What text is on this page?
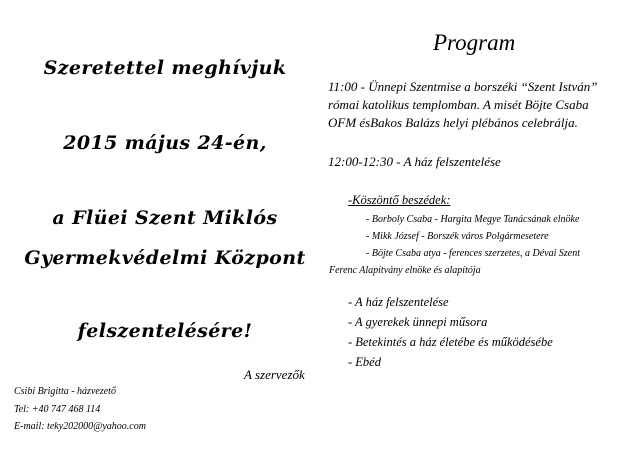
Szeretettel meghívjuk
2015 május 24-én,
a Flüei Szent Miklós
Gyermekvédelmi Központ
felszentelésére!
A szervezők
Csibi Brigitta - házvezető
Tel: +40 747 468 114
E-mail: teky202000@yahoo.com
Program
11:00 - Ünnepi Szentmise a borszéki “Szent István”
római katolikus templomban. A misét Böjte Csaba
OFM ésBakos Balázs helyi plébános celebrálja.
12:00-12:30 - A ház felszentelése
-Köszöntő beszédek:
- Borboly Csaba - Hargita Megye Tanácsának elnöke
- Mikk József - Borszék város Polgármesetere
- Böjte Csaba atya - ferences szerzetes, a Dévai Szent
Ferenc Alapítvány elnöke és alapítója
- A ház felszentelése
- A gyerekek ünnepi műsora
- Betekintés a ház életébe és működésébe
- Ebéd
